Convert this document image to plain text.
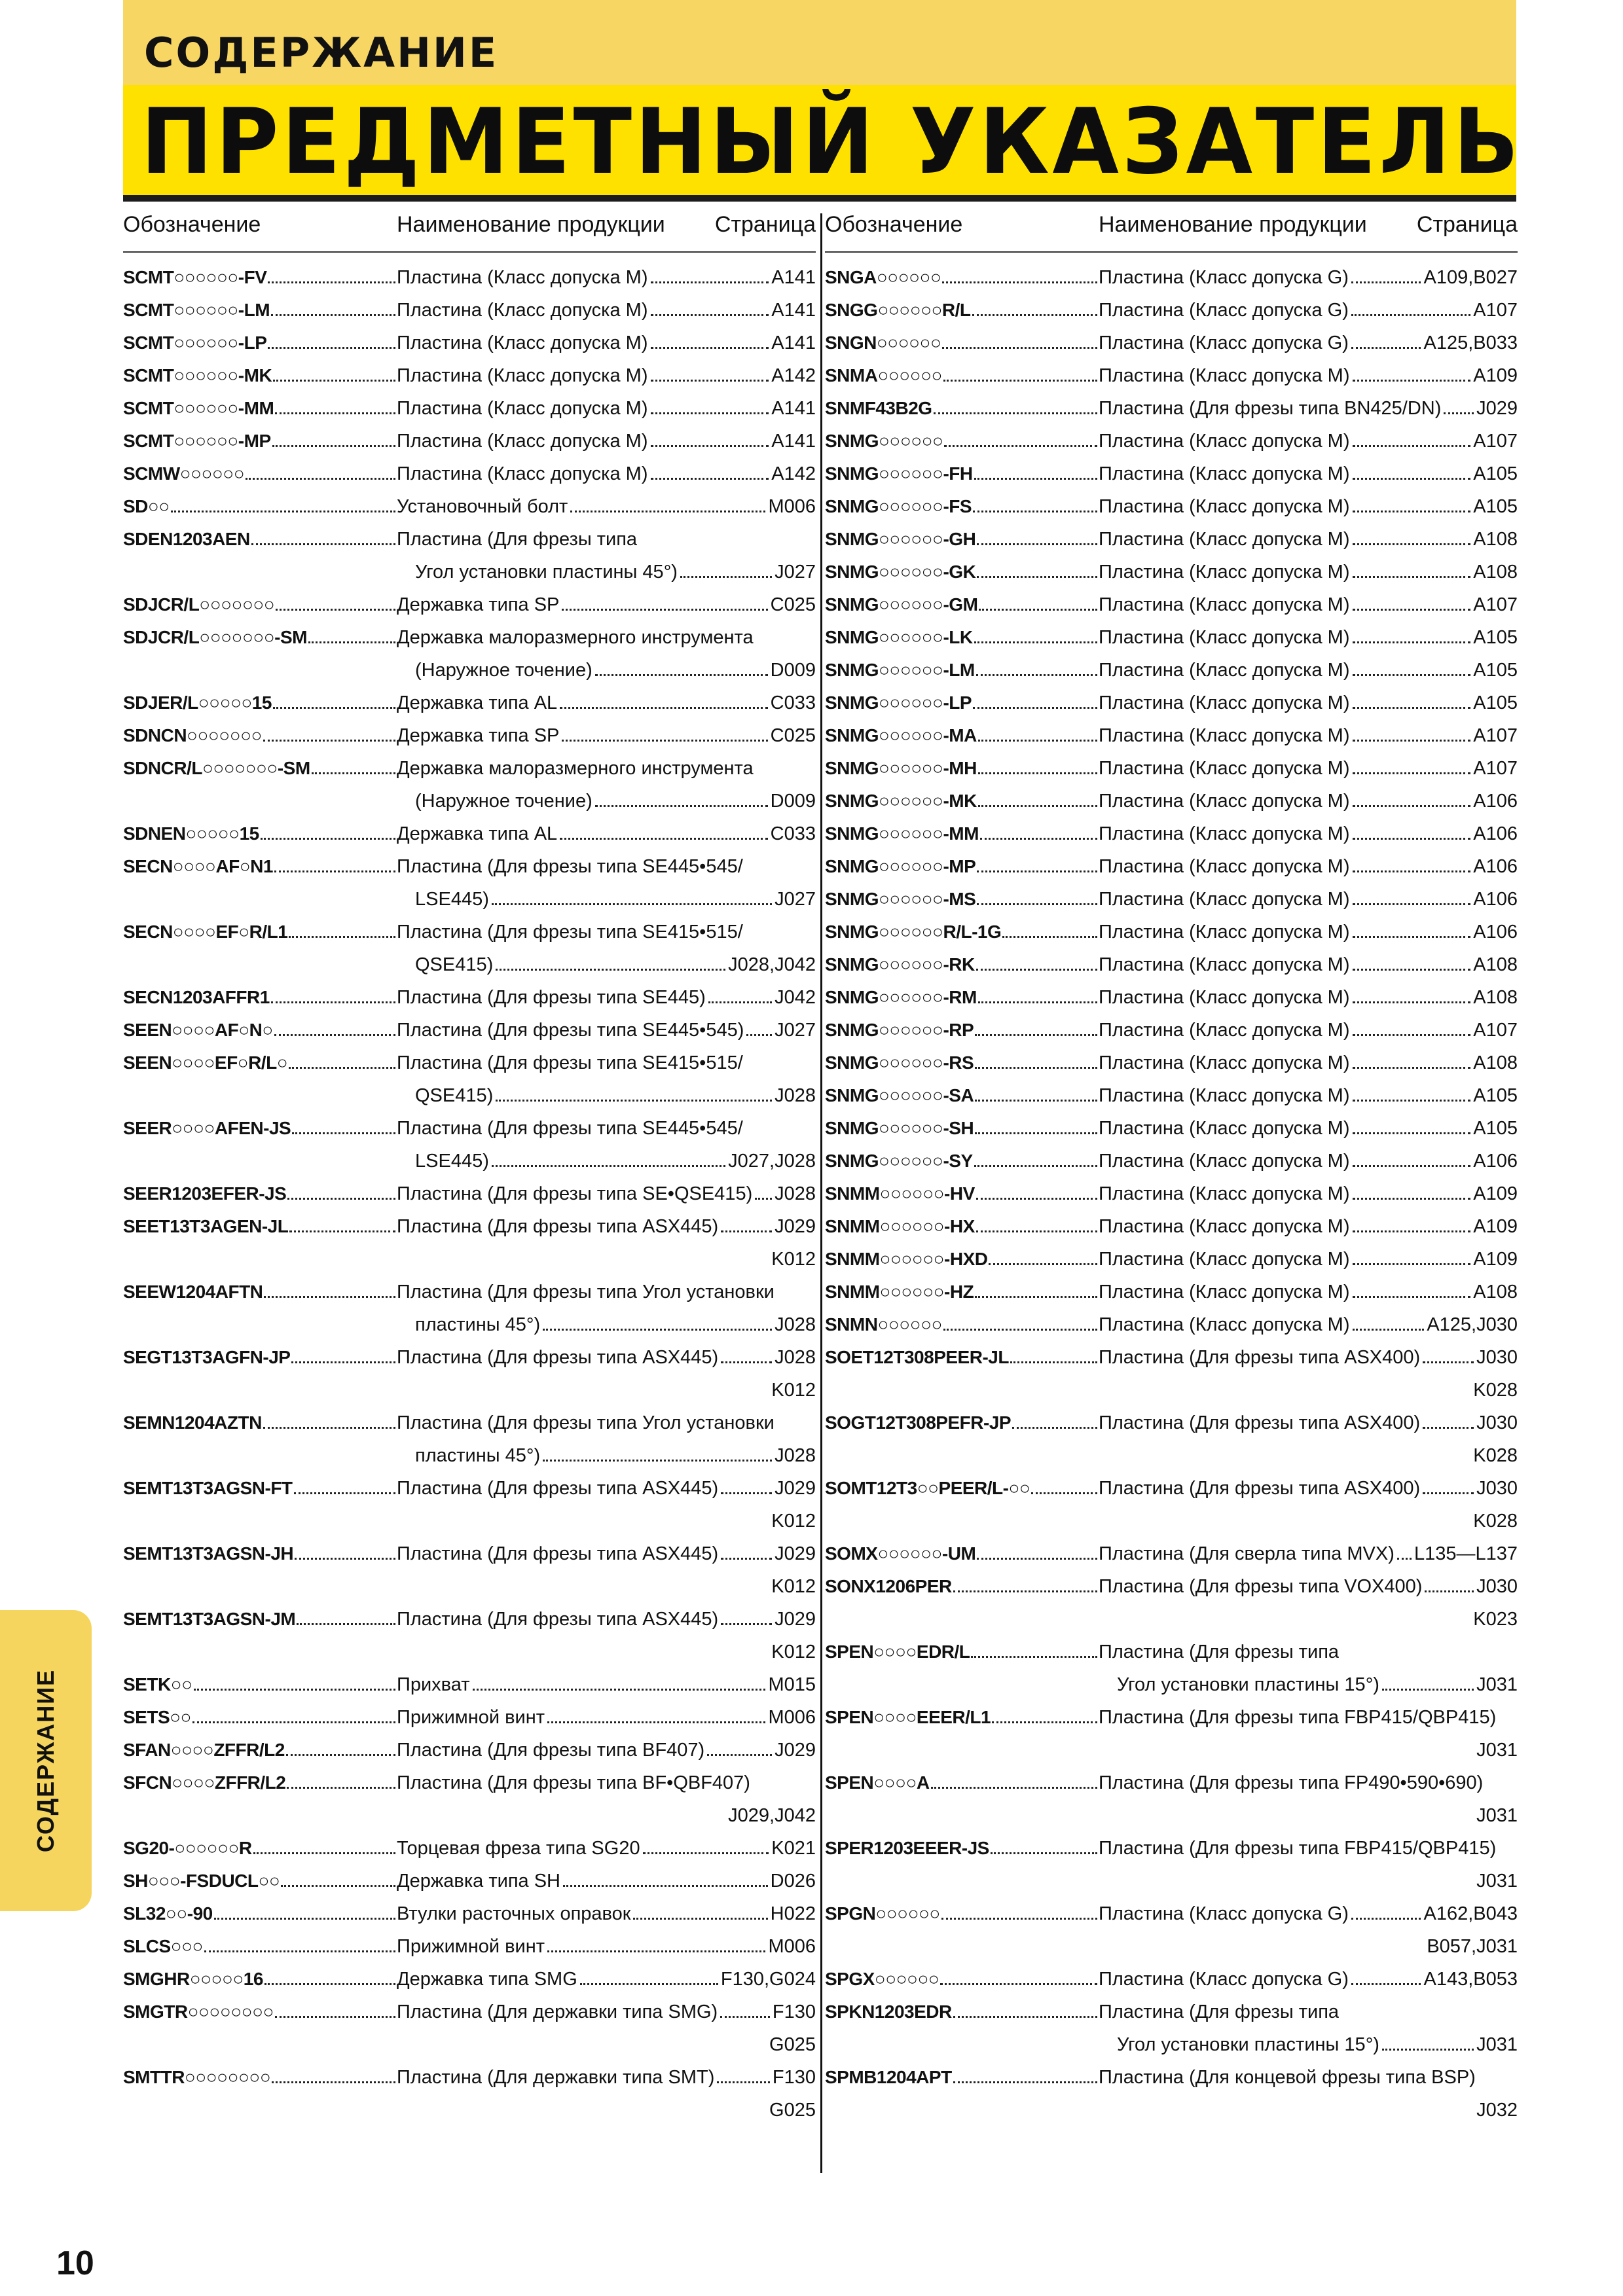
СОДЕРЖАНИЕ
ПРЕДМЕТНЫЙ УКАЗАТЕЛЬ
Обозначение	Наименование продукции Страница
SCMT○○○○○○-FV	Пластина (Класс допуска M)	A141
SCMT○○○○○○-LM	Пластина (Класс допуска M)	A141
SCMT○○○○○○-LP	Пластина (Класс допуска M)	A141
SCMT○○○○○○-MK	Пластина (Класс допуска M)	A142
SCMT○○○○○○-MM	Пластина (Класс допуска M)	A141
SCMT○○○○○○-MP	Пластина (Класс допуска M)	A141
SCMW○○○○○○	Пластина (Класс допуска M)	A142
SD○○	Установочный болт	M006
SDEN1203AEN	Пластина (Для фрезы типа
Угол установки пластины 45°)	J027
SDJCR/L○○○○○○○	Державка типа SP	C025
SDJCR/L○○○○○○○-SM	Державка малоразмерного инструмента
(Наружное точение)	D009
SDJER/L○○○○○15	Державка типа AL	C033
SDNCN○○○○○○○	Державка типа SP	C025
SDNCR/L○○○○○○○-SM	Державка малоразмерного инструмента
(Наружное точение)	D009
SDNEN○○○○○15	Державка типа AL	C033
SECN○○○○AF○N1	Пластина (Для фрезы типа SE445•545/
LSE445)	J027
SECN○○○○EF○R/L1	Пластина (Для фрезы типа SE415•515/
QSE415)	J028,J042
SECN1203AFFR1	Пластина (Для фрезы типа SE445)	J042
SEEN○○○○AF○N○	Пластина (Для фрезы типа SE445•545) J027
SEEN○○○○EF○R/L○	Пластина (Для фрезы типа SE415•515/
QSE415)	J028
SEER○○○○AFEN-JS	Пластина (Для фрезы типа SE445•545/
LSE445)	J027,J028
SEER1203EFER-JS	Пластина (Для фрезы типа SE•QSE415) J028
SEET13T3AGEN-JL	Пластина (Для фрезы типа ASX445)	J029
K012
SEEW1204AFTN	Пластина (Для фрезы типа Угол установки
пластины 45°)	J028
SEGT13T3AGFN-JP	Пластина (Для фрезы типа ASX445)	J028
K012
SEMN1204AZTN	Пластина (Для фрезы типа Угол установки
пластины 45°)	J028
SEMT13T3AGSN-FT	Пластина (Для фрезы типа ASX445)	J029
K012
SEMT13T3AGSN-JH	Пластина (Для фрезы типа ASX445)	J029
K012
SEMT13T3AGSN-JM	Пластина (Для фрезы типа ASX445)	J029
K012
SETK○○	Прихват	M015
SETS○○	Прижимной винт	M006
SFAN○○○○ZFFR/L2	Пластина (Для фрезы типа BF407)	J029
SFCN○○○○ZFFR/L2	Пластина (Для фрезы типа BF•QBF407)
J029,J042
SG20-○○○○○○R	Торцевая фреза типа SG20	K021
SH○○○-FSDUCL○○	Державка типа SH	D026
SL32○○-90	Втулки расточных оправок	H022
SLCS○○○	Прижимной винт	M006
SMGHR○○○○○16	Державка типа SMG	F130,G024
SMGTR○○○○○○○○	Пластина (Для державки типа SMG)	F130
G025
SMTTR○○○○○○○○	Пластина (Для державки типа SMT)	F130
G025
Обозначение	Наименование продукции Страница
SNGA○○○○○○	Пластина (Класс допуска G)	A109,B027
SNGG○○○○○○R/L	Пластина (Класс допуска G)	A107
SNGN○○○○○○	Пластина (Класс допуска G)	A125,B033
SNMA○○○○○○	Пластина (Класс допуска M)	A109
SNMF43B2G	Пластина (Для фрезы типа BN425/DN) J029
SNMG○○○○○○	Пластина (Класс допуска M)	A107
SNMG○○○○○○-FH	Пластина (Класс допуска M)	A105
SNMG○○○○○○-FS	Пластина (Класс допуска M)	A105
SNMG○○○○○○-GH	Пластина (Класс допуска M)	A108
SNMG○○○○○○-GK	Пластина (Класс допуска M)	A108
SNMG○○○○○○-GM	Пластина (Класс допуска M)	A107
SNMG○○○○○○-LK	Пластина (Класс допуска M)	A105
SNMG○○○○○○-LM	Пластина (Класс допуска M)	A105
SNMG○○○○○○-LP	Пластина (Класс допуска M)	A105
SNMG○○○○○○-MA	Пластина (Класс допуска M)	A107
SNMG○○○○○○-MH	Пластина (Класс допуска M)	A107
SNMG○○○○○○-MK	Пластина (Класс допуска M)	A106
SNMG○○○○○○-MM	Пластина (Класс допуска M)	A106
SNMG○○○○○○-MP	Пластина (Класс допуска M)	A106
SNMG○○○○○○-MS	Пластина (Класс допуска M)	A106
SNMG○○○○○○R/L-1G	Пластина (Класс допуска M)	A106
SNMG○○○○○○-RK	Пластина (Класс допуска M)	A108
SNMG○○○○○○-RM	Пластина (Класс допуска M)	A108
SNMG○○○○○○-RP	Пластина (Класс допуска M)	A107
SNMG○○○○○○-RS	Пластина (Класс допуска M)	A108
SNMG○○○○○○-SA	Пластина (Класс допуска M)	A105
SNMG○○○○○○-SH	Пластина (Класс допуска M)	A105
SNMG○○○○○○-SY	Пластина (Класс допуска M)	A106
SNMM○○○○○○-HV	Пластина (Класс допуска M)	A109
SNMM○○○○○○-HX	Пластина (Класс допуска M)	A109
SNMM○○○○○○-HXD	Пластина (Класс допуска M)	A109
SNMM○○○○○○-HZ	Пластина (Класс допуска M)	A108
SNMN○○○○○○	Пластина (Класс допуска M)	A125,J030
SOET12T308PEER-JL	Пластина (Для фрезы типа ASX400)	J030
K028
SOGT12T308PEFR-JP	Пластина (Для фрезы типа ASX400)	J030
K028
SOMT12T3○○PEER/L-○○	Пластина (Для фрезы типа ASX400)	J030
K028
SOMX○○○○○○-UM	Пластина (Для сверла типа MVX) L135—L137
SONX1206PER	Пластина (Для фрезы типа VOX400)	J030
K023
SPEN○○○○EDR/L	Пластина (Для фрезы типа
Угол установки пластины 15°)	J031
SPEN○○○○EEER/L1	Пластина (Для фрезы типа FBP415/QBP415)
J031
SPEN○○○○A	Пластина (Для фрезы типа FP490•590•690)
J031
SPER1203EEER-JS	Пластина (Для фрезы типа FBP415/QBP415)
J031
SPGN○○○○○○	Пластина (Класс допуска G)	A162,B043
B057,J031
SPGX○○○○○○	Пластина (Класс допуска G)	A143,B053
SPKN1203EDR	Пластина (Для фрезы типа
Угол установки пластины 15°)	J031
SPMB1204APT	Пластина (Для концевой фрезы типа BSP)
J032
СОДЕРЖАНИЕ
10
